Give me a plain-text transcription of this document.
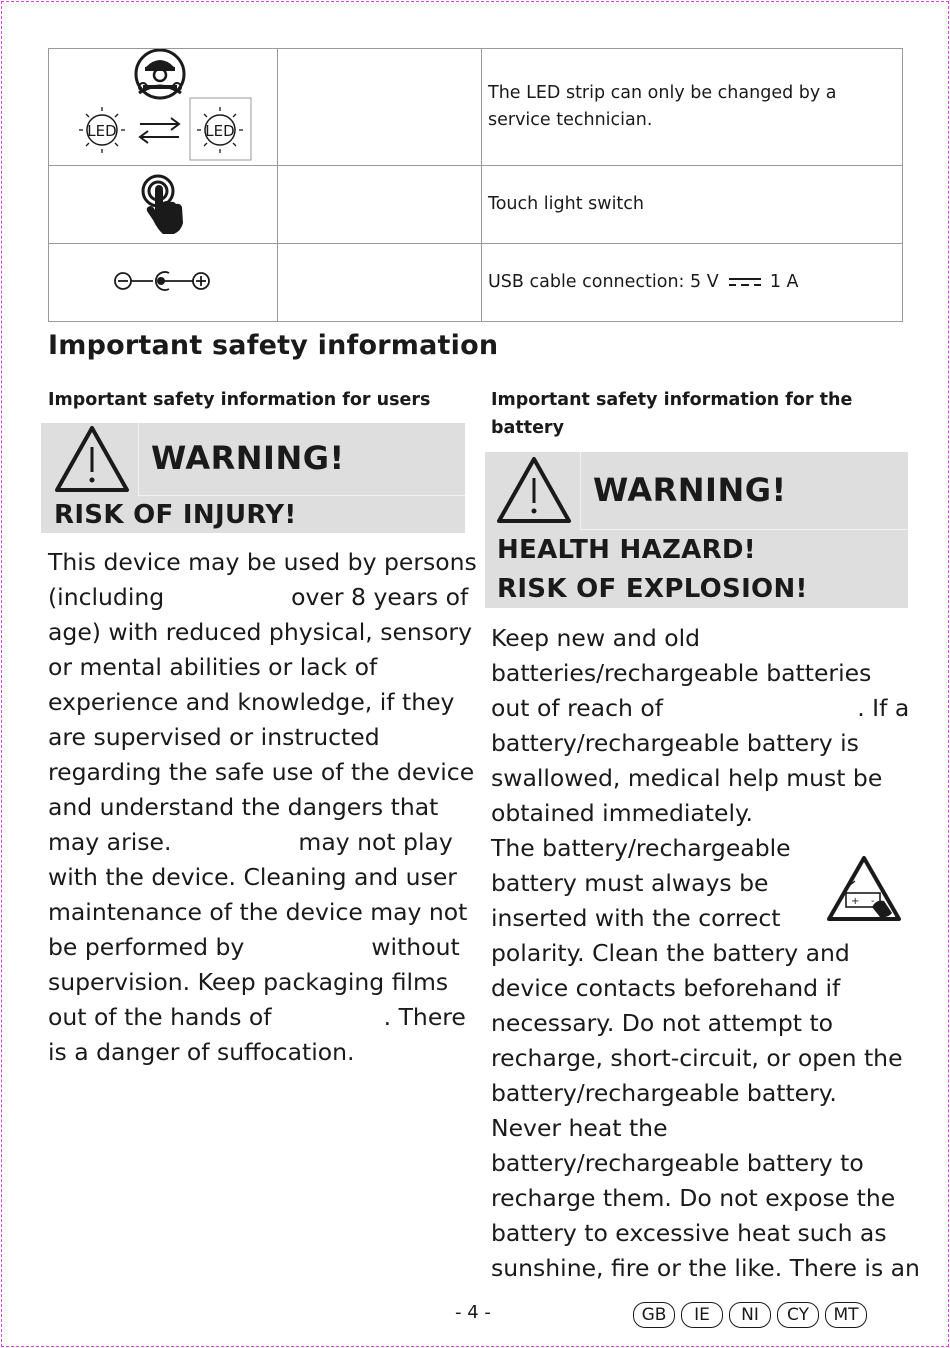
LED LED		The LED strip can only be changed by a
service technician.

Touch light switch

USB cable connection: 5 V 1 A
Important safety information
Important safety information for users
WARNING!
RISK OF INJURY!

This device may be used by persons

(including                 over 8 years of

age) with reduced physical, sensory

or mental abilities or lack of

experience and knowledge, if they

are supervised or instructed

regarding the safe use of the device

and understand the dangers that

may arise.                 may not play

with the device. Cleaning and user

maintenance of the device may not

be performed by                 without

supervision. Keep packaging films

out of the hands of               . There

is a danger of suffocation.

Important safety information for the
battery
WARNING!
HEALTH HAZARD!
RISK OF EXPLOSION!

Keep new and old

batteries/rechargeable batteries

out of reach of                          . If a

battery/rechargeable battery is

swallowed, medical help must be

obtained immediately.

The battery/rechargeable

battery must always be

inserted with the correct

polarity. Clean the battery and

device contacts beforehand if

necessary. Do not attempt to

recharge, short-circuit, or open the

battery/rechargeable battery.

Never heat the

battery/rechargeable battery to

recharge them. Do not expose the

battery to excessive heat such as

sunshine, fire or the like. There is an

+ -
- 4 -	GB	IE	NI	CY	MT
